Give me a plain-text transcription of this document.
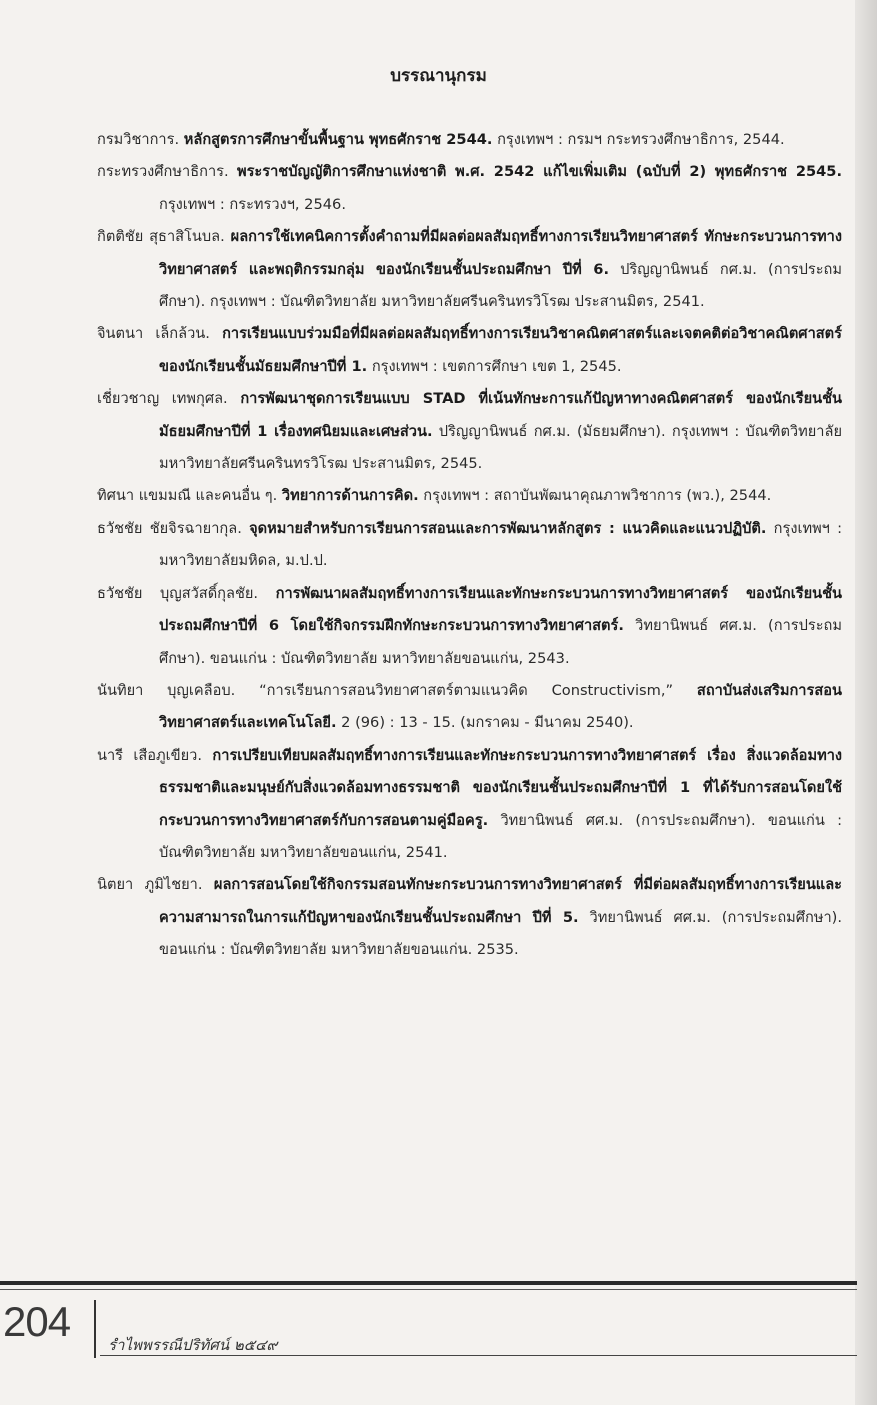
บรรณานุกรม
กรมวิชาการ. หลักสูตรการศึกษาขั้นพื้นฐาน พุทธศักราช 2544. กรุงเทพฯ : กรมฯ กระทรวงศึกษาธิการ, 2544.
กระทรวงศึกษาธิการ. พระราชบัญญัติการศึกษาแห่งชาติ พ.ศ. 2542 แก้ไขเพิ่มเติม (ฉบับที่ 2) พุทธศักราช 2545. กรุงเทพฯ : กระทรวงฯ, 2546.
กิตติชัย สุธาสิโนบล. ผลการใช้เทคนิคการตั้งคำถามที่มีผลต่อผลสัมฤทธิ์ทางการเรียนวิทยาศาสตร์ ทักษะกระบวนการทางวิทยาศาสตร์ และพฤติกรรมกลุ่ม ของนักเรียนชั้นประถมศึกษา ปีที่ 6. ปริญญานิพนธ์ กศ.ม. (การประถมศึกษา). กรุงเทพฯ : บัณฑิตวิทยาลัย มหาวิทยาลัยศรีนครินทรวิโรฒ ประสานมิตร, 2541.
จินตนา เล็กล้วน. การเรียนแบบร่วมมือที่มีผลต่อผลสัมฤทธิ์ทางการเรียนวิชาคณิตศาสตร์และเจตคติต่อวิชาคณิตศาสตร์ของนักเรียนชั้นมัธยมศึกษาปีที่ 1. กรุงเทพฯ : เขตการศึกษา เขต 1, 2545.
เชี่ยวชาญ เทพกุศล. การพัฒนาชุดการเรียนแบบ STAD ที่เน้นทักษะการแก้ปัญหาทางคณิตศาสตร์ ของนักเรียนชั้นมัธยมศึกษาปีที่ 1 เรื่องทศนิยมและเศษส่วน. ปริญญานิพนธ์ กศ.ม. (มัธยมศึกษา). กรุงเทพฯ : บัณฑิตวิทยาลัย มหาวิทยาลัยศรีนครินทรวิโรฒ ประสานมิตร, 2545.
ทิศนา แขมมณี และคนอื่น ๆ. วิทยาการด้านการคิด. กรุงเทพฯ : สถาบันพัฒนาคุณภาพวิชาการ (พว.), 2544.
ธวัชชัย ชัยจิรฉายากุล. จุดหมายสำหรับการเรียนการสอนและการพัฒนาหลักสูตร : แนวคิดและแนวปฏิบัติ. กรุงเทพฯ : มหาวิทยาลัยมหิดล, ม.ป.ป.
ธวัชชัย บุญสวัสดิ์กุลชัย. การพัฒนาผลสัมฤทธิ์ทางการเรียนและทักษะกระบวนการทางวิทยาศาสตร์ ของนักเรียนชั้นประถมศึกษาปีที่ 6 โดยใช้กิจกรรมฝึกทักษะกระบวนการทางวิทยาศาสตร์. วิทยานิพนธ์ ศศ.ม. (การประถมศึกษา). ขอนแก่น : บัณฑิตวิทยาลัย มหาวิทยาลัยขอนแก่น, 2543.
นันทิยา บุญเคลือบ. “การเรียนการสอนวิทยาศาสตร์ตามแนวคิด Constructivism,” สถาบันส่งเสริมการสอนวิทยาศาสตร์และเทคโนโลยี. 2 (96) : 13 - 15. (มกราคม - มีนาคม 2540).
นารี เสือภูเขียว. การเปรียบเทียบผลสัมฤทธิ์ทางการเรียนและทักษะกระบวนการทางวิทยาศาสตร์ เรื่อง สิ่งแวดล้อมทางธรรมชาติและมนุษย์กับสิ่งแวดล้อมทางธรรมชาติ ของนักเรียนชั้นประถมศึกษาปีที่ 1 ที่ได้รับการสอนโดยใช้กระบวนการทางวิทยาศาสตร์กับการสอนตามคู่มือครู. วิทยานิพนธ์ ศศ.ม. (การประถมศึกษา). ขอนแก่น : บัณฑิตวิทยาลัย มหาวิทยาลัยขอนแก่น, 2541.
นิตยา ภูมิไชยา. ผลการสอนโดยใช้กิจกรรมสอนทักษะกระบวนการทางวิทยาศาสตร์ ที่มีต่อผลสัมฤทธิ์ทางการเรียนและความสามารถในการแก้ปัญหาของนักเรียนชั้นประถมศึกษา ปีที่ 5. วิทยานิพนธ์ ศศ.ม. (การประถมศึกษา). ขอนแก่น : บัณฑิตวิทยาลัย มหาวิทยาลัยขอนแก่น. 2535.
204	รำไพพรรณีปริทัศน์ ๒๕๔๙
